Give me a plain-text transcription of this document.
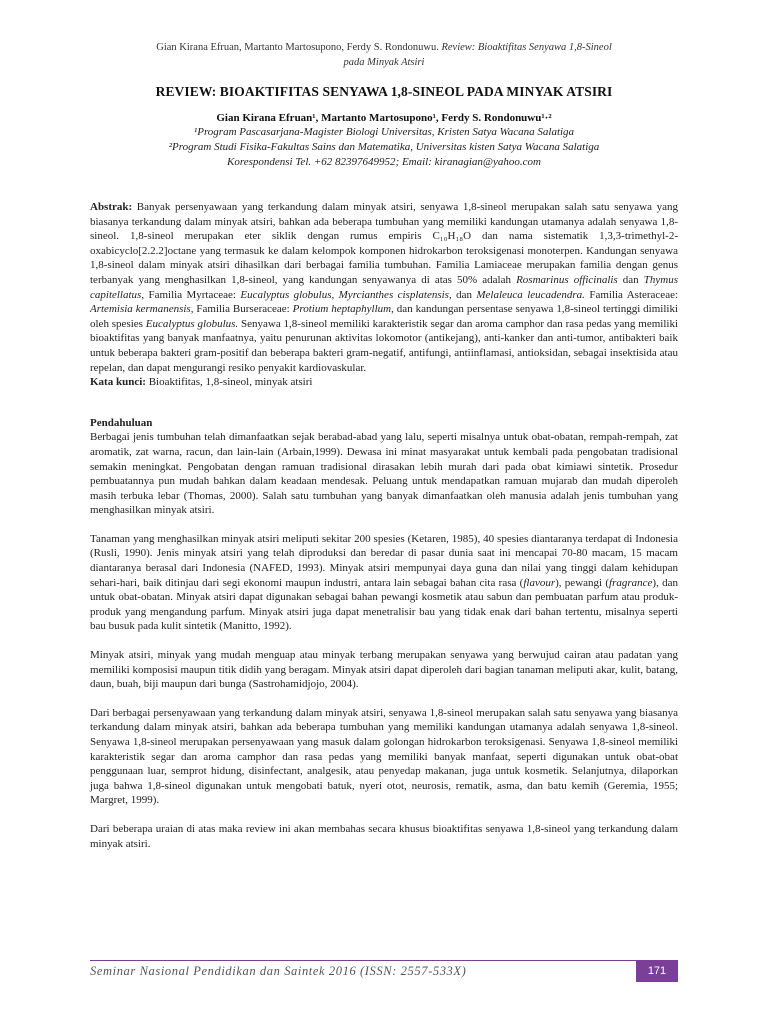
Gian Kirana Efruan, Martanto Martosupono, Ferdy S. Rondonuwu. Review: Bioaktifitas Senyawa 1,8-Sineol
pada Minyak Atsiri
REVIEW: BIOAKTIFITAS SENYAWA 1,8-SINEOL PADA MINYAK ATSIRI
Gian Kirana Efruan¹, Martanto Martosupono¹, Ferdy S. Rondonuwu¹·²
¹Program Pascasarjana-Magister Biologi Universitas, Kristen Satya Wacana Salatiga
²Program Studi Fisika-Fakultas Sains dan Matematika, Universitas kisten Satya Wacana Salatiga
Korespondensi Tel. +62 82397649952; Email: kiranagian@yahoo.com
Abstrak: Banyak persenyawaan yang terkandung dalam minyak atsiri, senyawa 1,8-sineol merupakan salah satu senyawa yang biasanya terkandung dalam minyak atsiri, bahkan ada beberapa tumbuhan yang memiliki kandungan utamanya adalah senyawa 1,8-sineol. 1,8-sineol merupakan eter siklik dengan rumus empiris C₁₀H₁₈O dan nama sistematik 1,3,3-trimethyl-2-oxabicyclo[2.2.2]octane yang termasuk ke dalam kelompok komponen hidrokarbon teroksigenasi monoterpen. Kandungan senyawa 1,8-sineol dalam minyak atsiri dihasilkan dari berbagai familia tumbuhan. Familia Lamiaceae merupakan familia dengan genus terbanyak yang menghasilkan 1,8-sineol, yang kandungan senyawanya di atas 50% adalah Rosmarinus officinalis dan Thymus capitellatus, Familia Myrtaceae: Eucalyptus globulus, Myrcianthes cisplatensis, dan Melaleuca leucadendra. Familia Asteraceae: Artemisia kermanensis, Familia Burseraceae: Protium heptaphyllum, dan kandungan persentase senyawa 1,8-sineol tertinggi dimiliki oleh spesies Eucalyptus globulus. Senyawa 1,8-sineol memiliki karakteristik segar dan aroma camphor dan rasa pedas yang memiliki bioaktifitas yang banyak manfaatnya, yaitu penurunan aktivitas lokomotor (antikejang), anti-kanker dan anti-tumor, antibakteri baik untuk beberapa bakteri gram-positif dan beberapa bakteri gram-negatif, antifungi, antiinflamasi, antioksidan, sebagai insektisida atau repelan, dan dapat mengurangi resiko penyakit kardiovaskular.
Kata kunci: Bioaktifitas, 1,8-sineol, minyak atsiri
Pendahuluan
Berbagai jenis tumbuhan telah dimanfaatkan sejak berabad-abad yang lalu, seperti misalnya untuk obat-obatan, rempah-rempah, zat aromatik, zat warna, racun, dan lain-lain (Arbain,1999). Dewasa ini minat masyarakat untuk kembali pada pengobatan tradisional semakin meningkat. Pengobatan dengan ramuan tradisional dirasakan lebih murah dari pada obat kimiawi sintetik. Prosedur pembuatannya pun mudah bahkan dalam keadaan mendesak. Peluang untuk mendapatkan ramuan mujarab dan mudah diperoleh masih terbuka lebar (Thomas, 2000). Salah satu tumbuhan yang banyak dimanfaatkan oleh manusia adalah jenis tumbuhan yang menghasilkan minyak atsiri.
Tanaman yang menghasilkan minyak atsiri meliputi sekitar 200 spesies (Ketaren, 1985), 40 spesies diantaranya terdapat di Indonesia (Rusli, 1990). Jenis minyak atsiri yang telah diproduksi dan beredar di pasar dunia saat ini mencapai 70-80 macam, 15 macam diantaranya berasal dari Indonesia (NAFED, 1993). Minyak atsiri mempunyai daya guna dan nilai yang tinggi dalam kehidupan sehari-hari, baik ditinjau dari segi ekonomi maupun industri, antara lain sebagai bahan cita rasa (flavour), pewangi (fragrance), dan untuk obat-obatan. Minyak atsiri dapat digunakan sebagai bahan pewangi kosmetik atau sabun dan pembuatan parfum atau produk-produk yang mengandung parfum. Minyak atsiri juga dapat menetralisir bau yang tidak enak dari bahan tertentu, misalnya seperti bau busuk pada kulit sintetik (Manitto, 1992).
Minyak atsiri, minyak yang mudah menguap atau minyak terbang merupakan senyawa yang berwujud cairan atau padatan yang memiliki komposisi maupun titik didih yang beragam. Minyak atsiri dapat diperoleh dari bagian tanaman meliputi akar, kulit, batang, daun, buah, biji maupun dari bunga (Sastrohamidjojo, 2004).
Dari berbagai persenyawaan yang terkandung dalam minyak atsiri, senyawa 1,8-sineol merupakan salah satu senyawa yang biasanya terkandung dalam minyak atsiri, bahkan ada beberapa tumbuhan yang memiliki kandungan utamanya adalah senyawa 1,8-sineol. Senyawa 1,8-sineol merupakan persenyawaan yang masuk dalam golongan hidrokarbon teroksigenasi. Senyawa 1,8-sineol memiliki karakteristik segar dan aroma camphor dan rasa pedas yang memiliki banyak manfaat, seperti digunakan untuk obat-obat penggunaan luar, semprot hidung, disinfectant, analgesik, atau penyedap makanan, juga untuk kosmetik. Selanjutnya, dilaporkan juga bahwa 1,8-sineol digunakan untuk mengobati batuk, nyeri otot, neurosis, rematik, asma, dan batu kemih (Geremia, 1955; Margret, 1999).
Dari beberapa uraian di atas maka review ini akan membahas secara khusus bioaktifitas senyawa 1,8-sineol yang terkandung dalam minyak atsiri.
Seminar Nasional Pendidikan dan Saintek 2016 (ISSN: 2557-533X)	171
